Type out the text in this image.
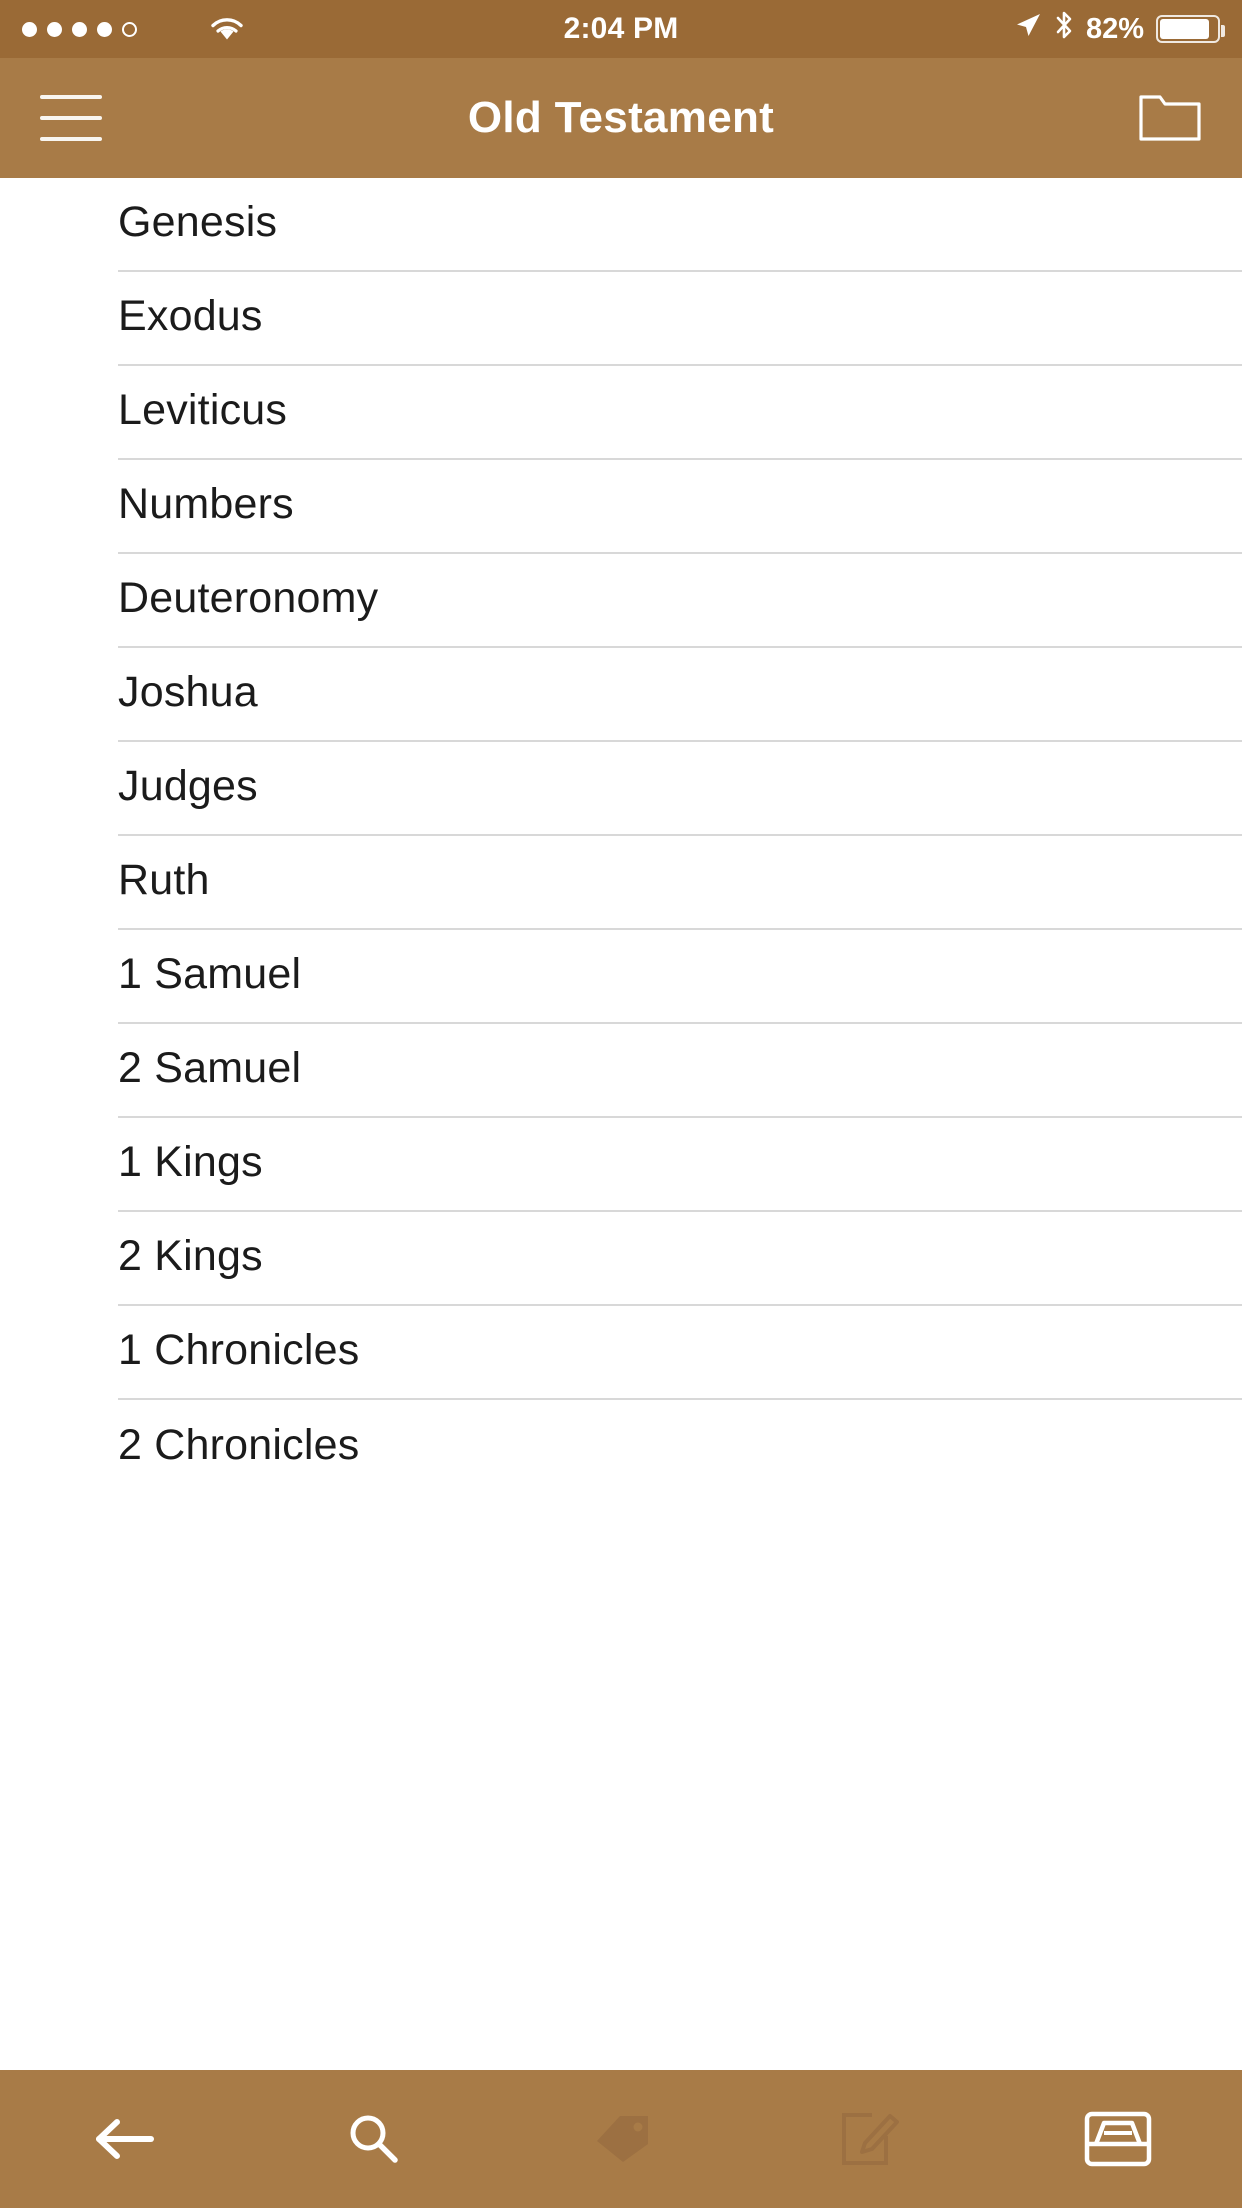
2:04 PM	82%
Old Testament
Genesis
Exodus
Leviticus
Numbers
Deuteronomy
Joshua
Judges
Ruth
1 Samuel
2 Samuel
1 Kings
2 Kings
1 Chronicles
2 Chronicles
